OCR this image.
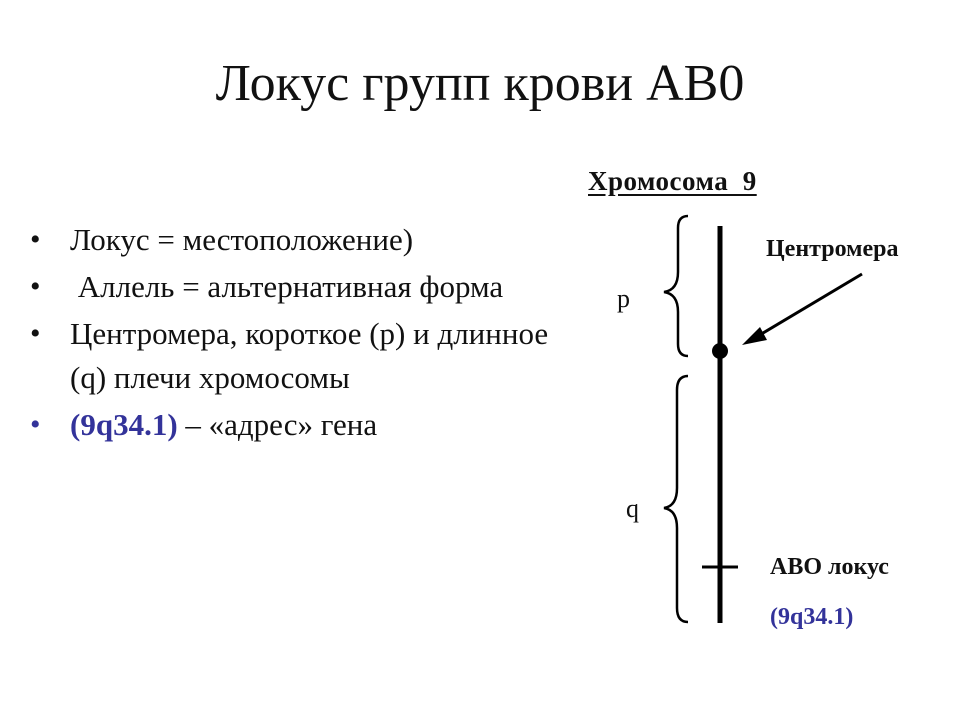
Локус групп крови АВ0
• Локус = местоположение)
• Аллель = альтернативная форма
• Центромера, короткое (p) и длинное (q) плечи хромосомы
• (9q34.1) – «адрес» гена
Хромосома  9
p
q
Центромера
АВО локус
(9q34.1)
